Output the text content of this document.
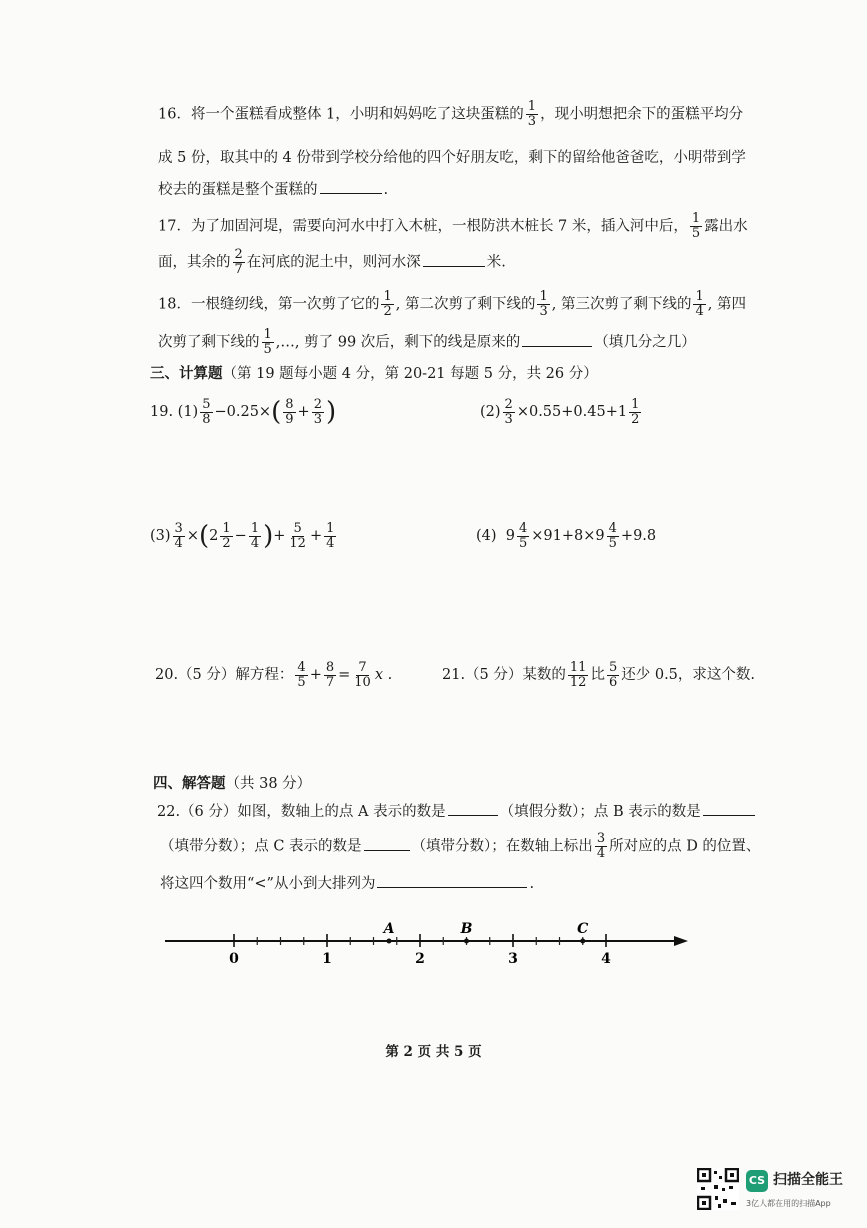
16．将一个蛋糕看成整体 1，小明和妈妈吃了这块蛋糕的 $\frac{1}{3}$ ，现小明想把余下的蛋糕平均分
成 5 份，取其中的 4 份带到学校分给他的四个好朋友吃，剩下的留给他爸爸吃，小明带到学
校去的蛋糕是整个蛋糕的	.
17．为了加固河堤，需要向河水中打入木桩，一根防洪木桩长 7 米，插入河中后， $\frac{1}{5}$ 露出水
面，其余的 $\frac{2}{7}$ 在河底的泥土中，则河水深	米.
18．一根缝纫线，第一次剪了它的 $\frac{1}{2}$ , 第二次剪了剩下线的 $\frac{1}{3}$ , 第三次剪了剩下线的 $\frac{1}{4}$ , 第四
次剪了剩下线的 $\frac{1}{5}$ ,…, 剪了 99 次后，剩下的线是原来的	（填几分之几）
三、计算题（第 19 题每小题 4 分，第 20-21 每题 5 分，共 26 分）
19. $(1) \frac{5}{8} -0.25\times( \frac{8}{9} + \frac{2}{3}$ )	$(2) \frac{2}{3} \times 0.55+0.45+1 \frac{1}{2}$
$(3) \frac{3}{4} \times(2 \frac{1}{2} - \frac{1}{4}$ )+ $\frac{5}{12} + \frac{1}{4}$	(4) $9 \frac{4}{5} \times 91+8\times 9 \frac{4}{5} +9.8$
20.（5 分）解方程： $\frac{4}{5} + \frac{8}{7} = \frac{7}{10}$ x .	21.（5 分）某数的 $\frac{11}{12}$ 比 $\frac{5}{6}$ 还少 0.5，求这个数.
四、解答题（共 38 分）
22.（6 分）如图，数轴上的点 A 表示的数是	（填假分数）；点 B 表示的数是
（填带分数）；点 C 表示的数是	（填带分数）；在数轴上标出 $\frac{3}{4}$ 所对应的点 D 的位置、
将这四个数用“<”从小到大排列为	.
0	1	2	3	4
A	B	C
第 2 页 共 5 页
CS 扫描全能王
3亿人都在用的扫描App
